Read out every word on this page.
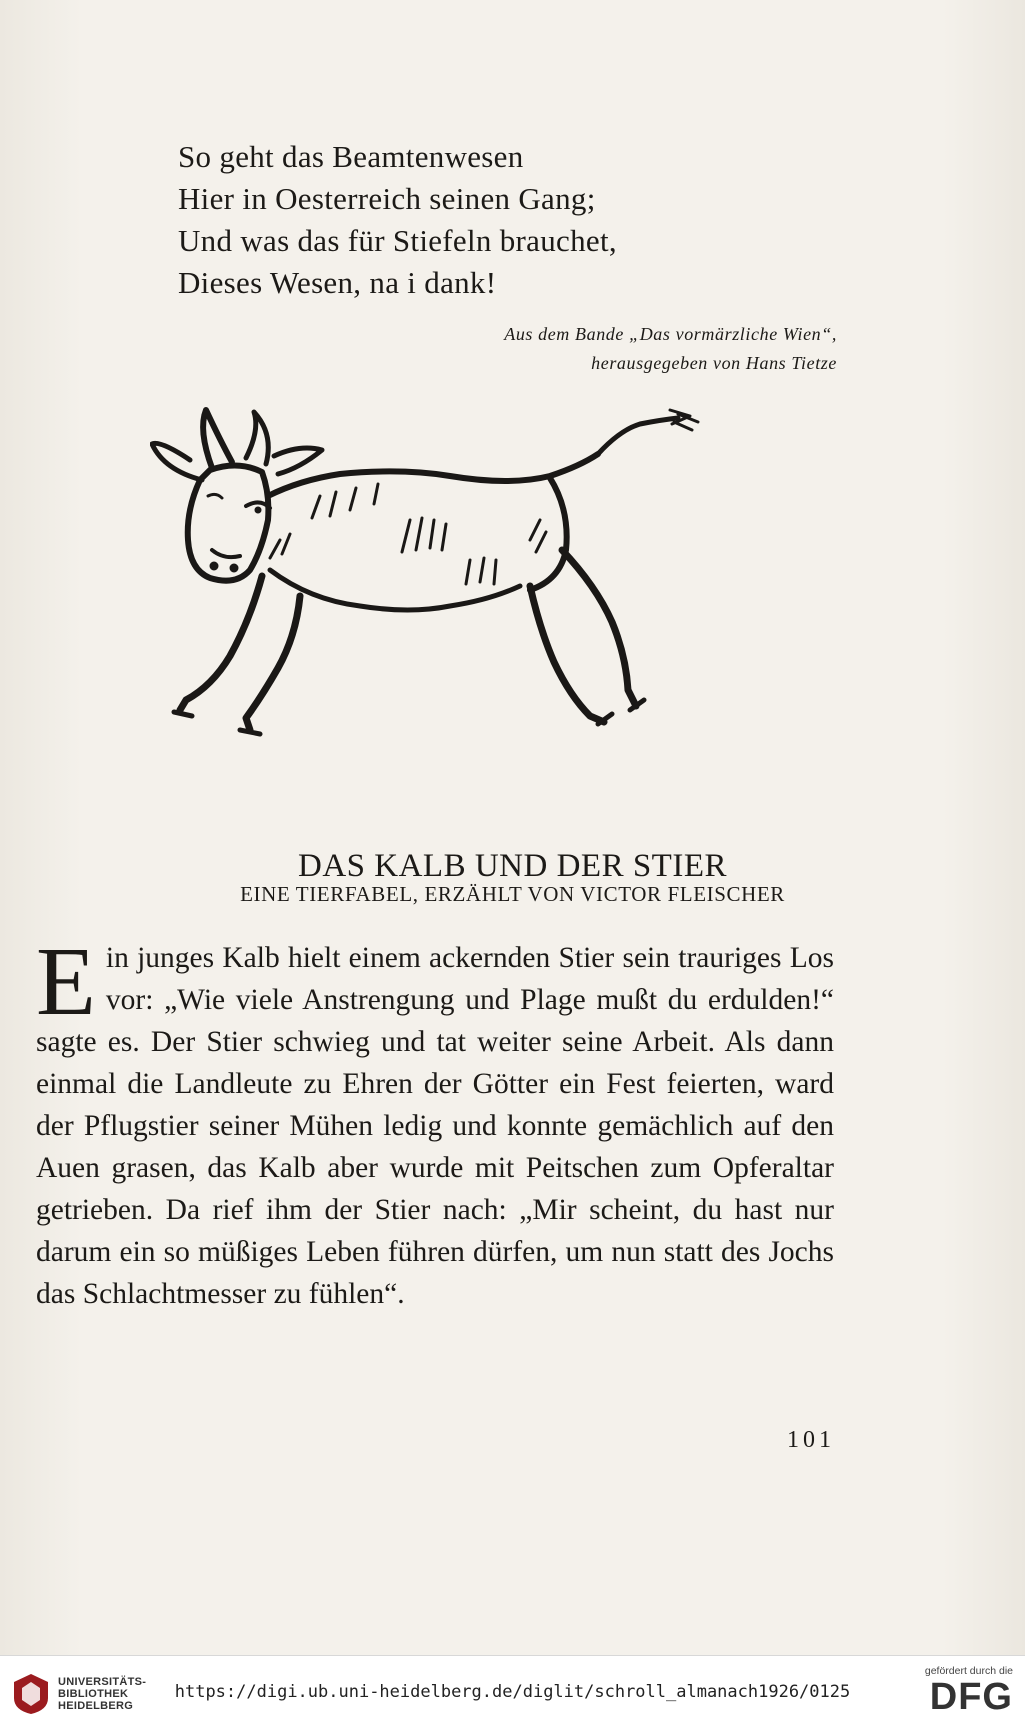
So geht das Beamtenwesen
Hier in Oesterreich seinen Gang;
Und was das für Stiefeln brauchet,
Dieses Wesen, na i dank!
Aus dem Bande „Das vormärzliche Wien“,
herausgegeben von Hans Tietze
DAS KALB UND DER STIER
EINE TIERFABEL, ERZÄHLT VON VICTOR FLEISCHER
E in junges Kalb hielt einem ackernden Stier sein trauriges Los vor: „Wie viele Anstrengung und Plage mußt du erdulden!“ sagte es. Der Stier schwieg und tat weiter seine Arbeit. Als dann einmal die Landleute zu Ehren der Götter ein Fest feierten, ward der Pflugstier seiner Mühen ledig und konnte gemächlich auf den Auen grasen, das Kalb aber wurde mit Peitschen zum Opferaltar getrieben. Da rief ihm der Stier nach: „Mir scheint, du hast nur darum ein so müßiges Leben führen dürfen, um nun statt des Jochs das Schlachtmesser zu fühlen“.
101
UNIVERSITÄTS-
BIBLIOTHEK
HEIDELBERG
https://digi.ub.uni-heidelberg.de/diglit/schroll_almanach1926/0125
gefördert durch die
DFG
